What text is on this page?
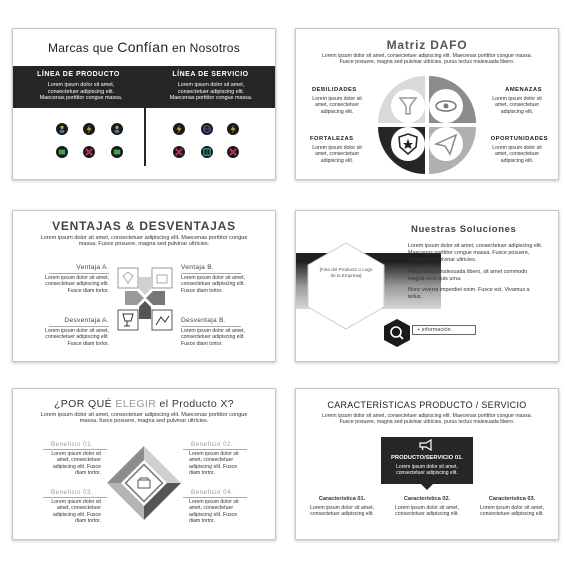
Marcas que Confían en Nosotros
LÍNEA DE PRODUCTO	LÍNEA DE SERVICIO
Lorem ipsum dolor sit amet, consectetuer adipiscing elit. Maecenas porttitor congue massa.
Lorem ipsum dolor sit amet, consectetuer adipiscing elit. Maecenas porttitor congue massa.
Matriz DAFO
Lorem ipsum dolor sit amet, consectetuer adipiscing elit. Maecenas porttitor congue massa. Fusce posuere, magna sed pulvinar ultricies, purus lectus malesuada libero.
DEBILIDADES
Lorem ipsum dolor sit amet, consectetuer adipiscing elit.
AMENAZAS
Lorem ipsum dolor sit amet, consectetuer adipiscing elit.
FORTALEZAS
Lorem ipsum dolor sit amet, consectetuer adipiscing elit.
OPORTUNIDADES
Lorem ipsum dolor sit amet, consectetuer adipiscing elit.
VENTAJAS & DESVENTAJAS
Lorem ipsum dolor sit amet, consectetuer adipiscing elit. Maecenas porttitor congue massa. Fusce posuere, magna sed pulvinar ultricies.
Ventaja A.
Lorem ipsum dolor sit amet, consectetuer adipiscing elit. Fusce diam tortor.
Ventaja B.
Lorem ipsum dolor sit amet, consectetuer adipiscing elit. Fusce diam tortor.
Desventaja A.
Lorem ipsum dolor sit amet, consectetuer adipiscing elit. Fusce diam tortor.
Desventaja B.
Lorem ipsum dolor sit amet, consectetuer adipiscing elit. Fusce diam tortor.
[Foto del Producto o Logo de la Empresa]
+ información
Nuestras Soluciones
Lorem ipsum dolor sit amet, consectetuer adipiscing elit. Maecenas porttitor congue massa. Fusce posuere, magna sed pulvinar ultricies.
Purus lectus malesuada libero, sit amet commodo magna eros quis urna.
Nunc viverra imperdiet enim. Fusce est. Vivamus a tellus.
¿POR QUÉ ELEGIR el Producto X?
Lorem ipsum dolor sit amet, consectetuer adipiscing elit. Maecenas porttitor congue massa, fusce posuere, magna sed pulvinar ultricies.
Beneficio 01.
Lorem ipsum dolor sit amet, consectetuer adipiscing elit. Fusce diam tortor.
Beneficio 02.
Lorem ipsum dolor sit amet, consectetuer adipiscing elit. Fusce diam tortor.
Beneficio 03.
Lorem ipsum dolor sit amet, consectetuer adipiscing elit. Fusce diam tortor.
Beneficio 04.
Lorem ipsum dolor sit amet, consectetuer adipiscing elit. Fusce diam tortor.
CARACTERÍSTICAS PRODUCTO / SERVICIO
Lorem ipsum dolor sit amet, consectetuer adipiscing elit. Maecenas porttitor congue massa. Fusce posuere, magna sed pulvinar ultricies, purus lectus malesuada libero.
PRODUCTO/SERVICIO 01.
Lorem ipsum dolor sit amet, consectetuer adipiscing elit.
Característica 01.
Lorem ipsum dolor sit amet, consectetuer adipiscing elit.
Característica 02.
Lorem ipsum dolor sit amet, consectetuer adipiscing elit.
Característica 03.
Lorem ipsum dolor sit amet, consectetuer adipiscing elit.
